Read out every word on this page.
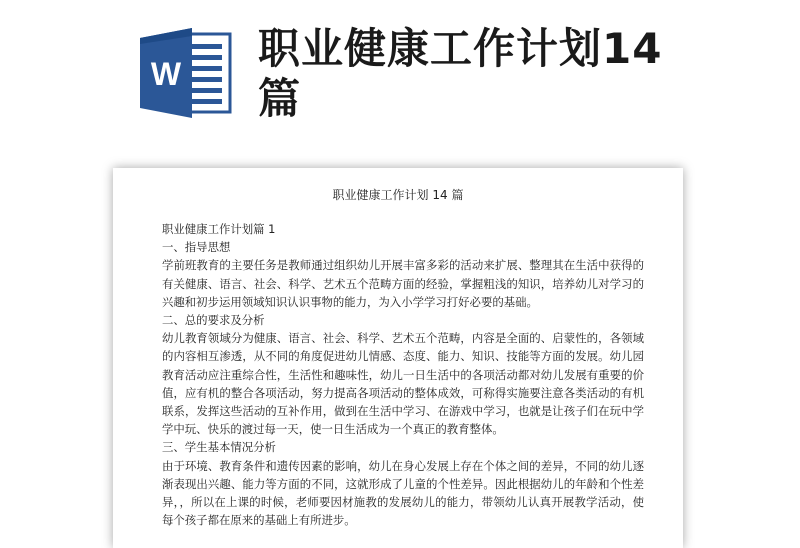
W
职业健康工作计划14篇
职业健康工作计划 14 篇

职业健康工作计划篇 1

一、指导思想

学前班教育的主要任务是教师通过组织幼儿开展丰富多彩的活动来扩展、整理其在生活中获得的有关健康、语言、社会、科学、艺术五个范畴方面的经验，掌握粗浅的知识，培养幼儿对学习的兴趣和初步运用领域知识认识事物的能力，为入小学学习打好必要的基础。

二、总的要求及分析

幼儿教育领域分为健康、语言、社会、科学、艺术五个范畴，内容是全面的、启蒙性的，各领域的内容相互渗透，从不同的角度促进幼儿情感、态度、能力、知识、技能等方面的发展。幼儿园教育活动应注重综合性，生活性和趣味性，幼儿一日生活中的各项活动都对幼儿发展有重要的价值，应有机的整合各项活动，努力提高各项活动的整体成效，可称得实施要注意各类活动的有机联系，发挥这些活动的互补作用，做到在生活中学习、在游戏中学习，也就是让孩子们在玩中学学中玩、快乐的渡过每一天，使一日生活成为一个真正的教育整体。

三、学生基本情况分析

由于环境、教育条件和遗传因素的影响，幼儿在身心发展上存在个体之间的差异，不同的幼儿逐渐表现出兴趣、能力等方面的不同，这就形成了儿童的个性差异。因此根据幼儿的年龄和个性差异，，所以在上课的时候，老师要因材施教的发展幼儿的能力，带领幼儿认真开展教学活动，使每个孩子都在原来的基础上有所进步。
